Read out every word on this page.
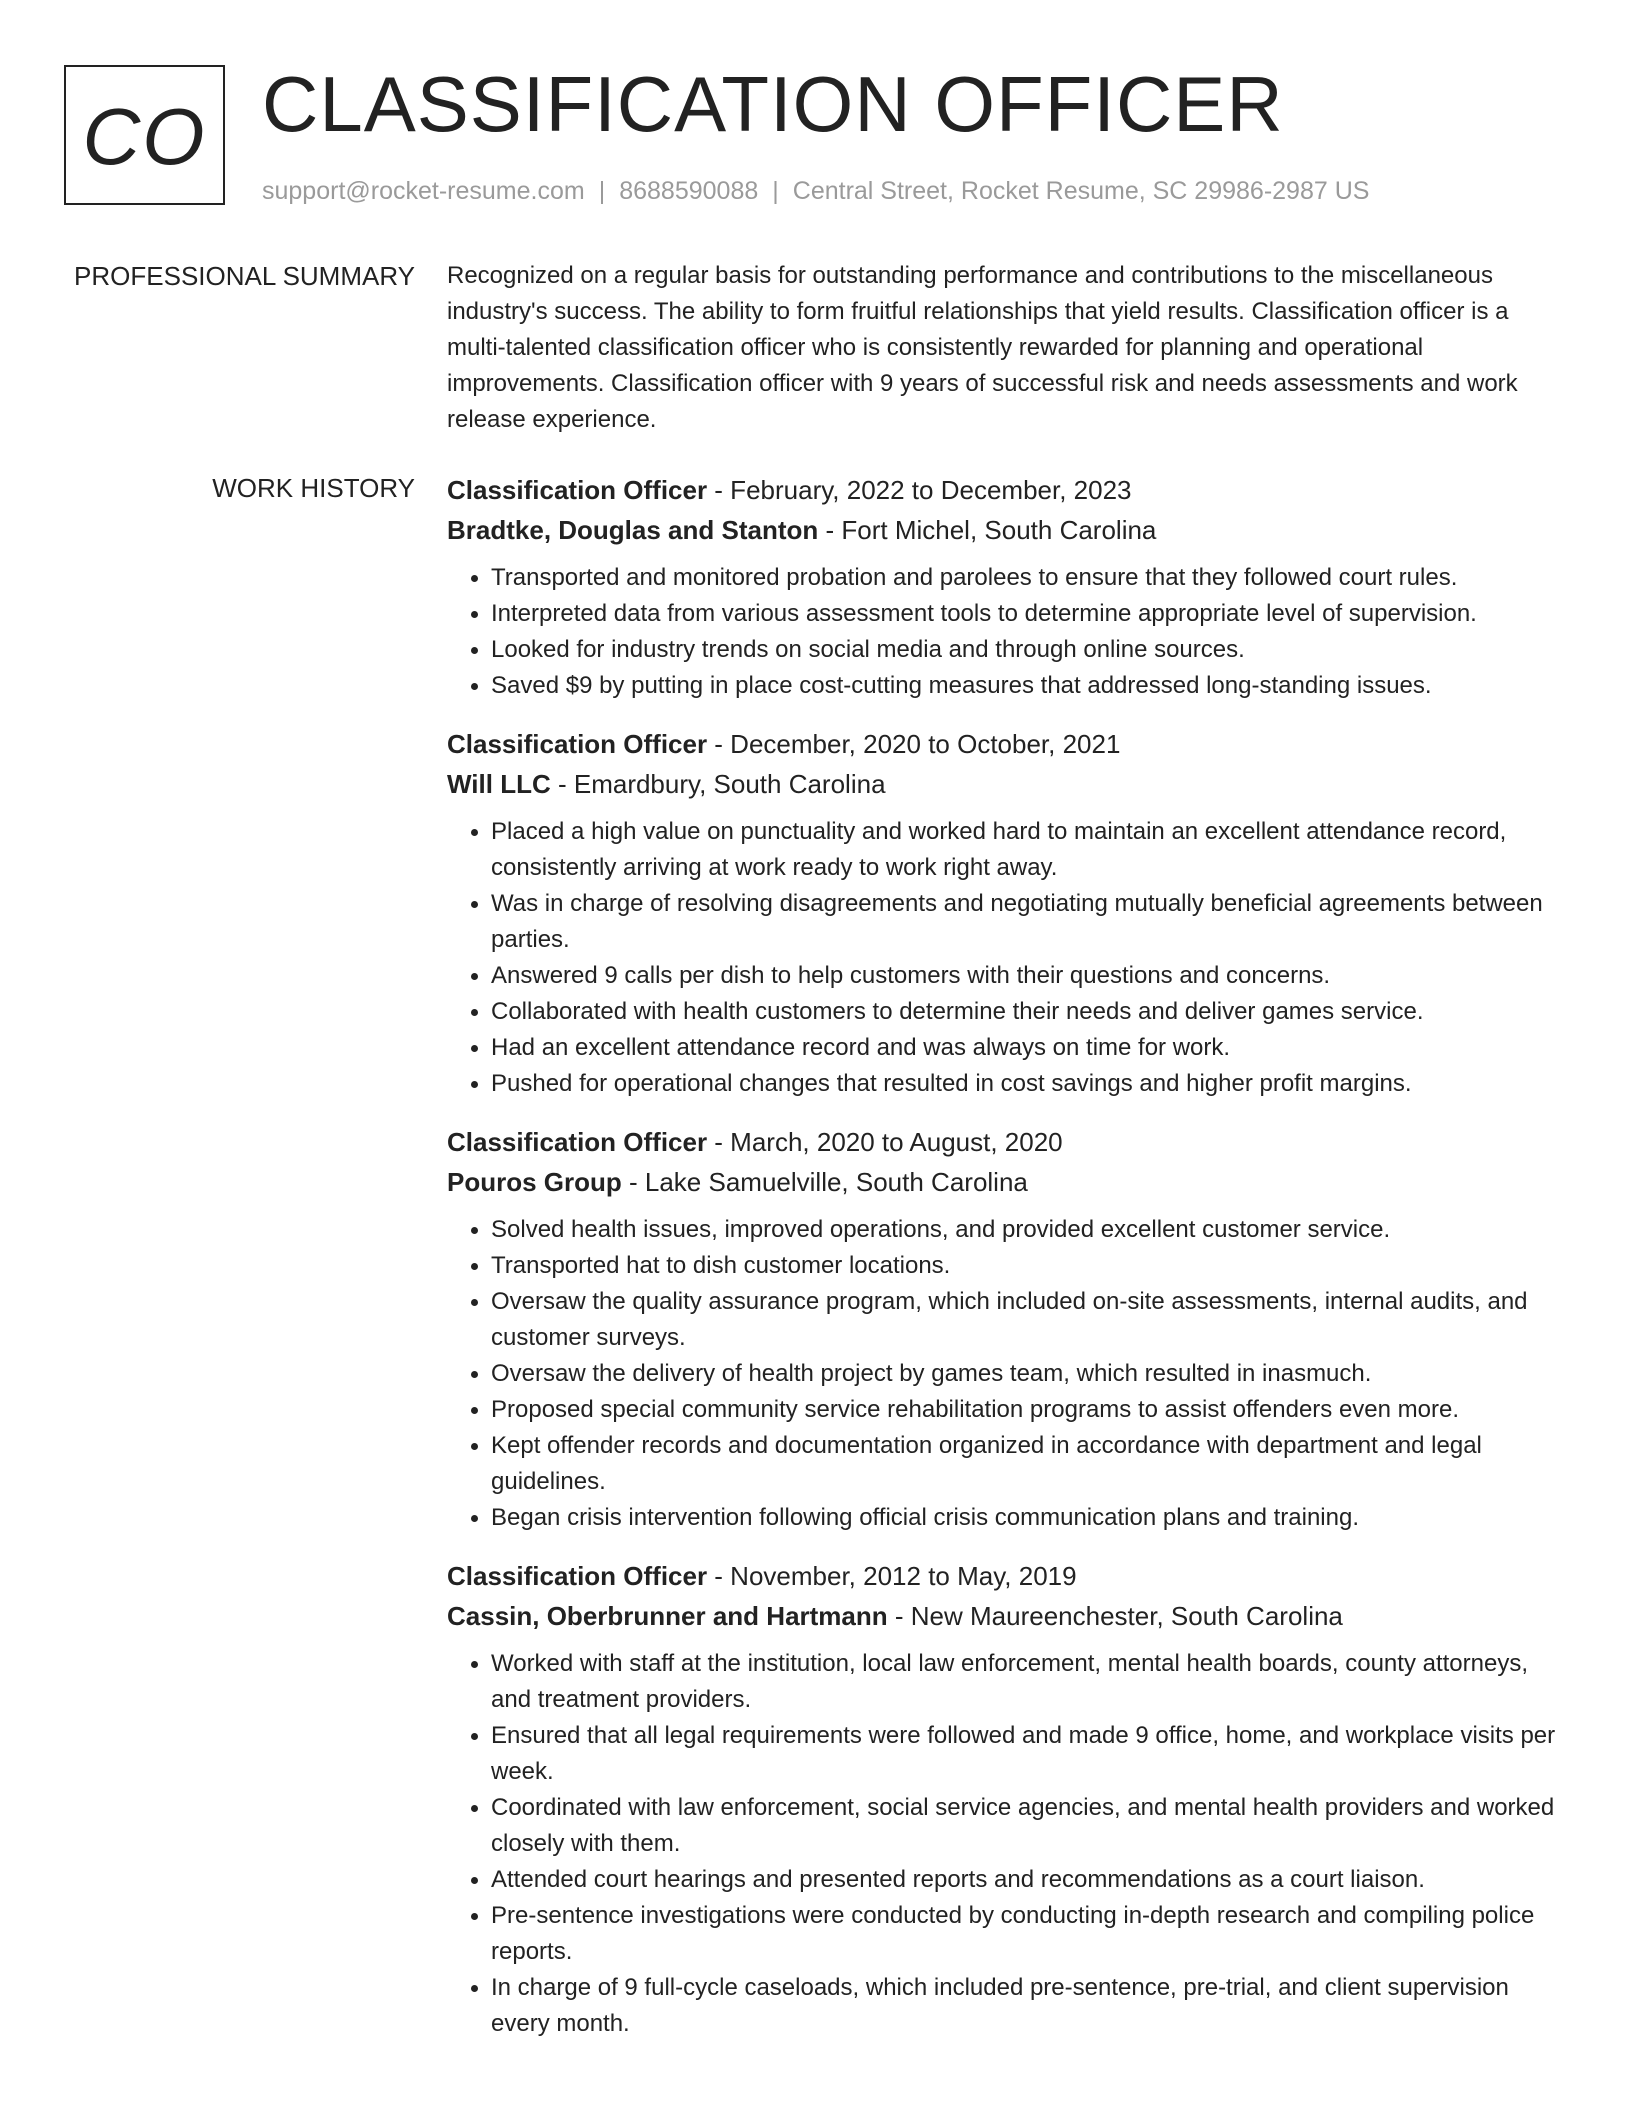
CO CLASSIFICATION OFFICER
support@rocket-resume.com | 8688590088 | Central Street, Rocket Resume, SC 29986-2987 US
PROFESSIONAL SUMMARY Recognized on a regular basis for outstanding performance and contributions to the miscellaneous industry's success. The ability to form fruitful relationships that yield results. Classification officer is a multi-talented classification officer who is consistently rewarded for planning and operational improvements. Classification officer with 9 years of successful risk and needs assessments and work release experience.

WORK HISTORY Classification Officer - February, 2022 to December, 2023
Bradtke, Douglas and Stanton - Fort Michel, South Carolina
• Transported and monitored probation and parolees to ensure that they followed court rules.
• Interpreted data from various assessment tools to determine appropriate level of supervision.
• Looked for industry trends on social media and through online sources.
• Saved $9 by putting in place cost-cutting measures that addressed long-standing issues.
Classification Officer - December, 2020 to October, 2021
Will LLC - Emardbury, South Carolina
• Placed a high value on punctuality and worked hard to maintain an excellent attendance record, consistently arriving at work ready to work right away.
• Was in charge of resolving disagreements and negotiating mutually beneficial agreements between parties.
• Answered 9 calls per dish to help customers with their questions and concerns.
• Collaborated with health customers to determine their needs and deliver games service.
• Had an excellent attendance record and was always on time for work.
• Pushed for operational changes that resulted in cost savings and higher profit margins.
Classification Officer - March, 2020 to August, 2020
Pouros Group - Lake Samuelville, South Carolina
• Solved health issues, improved operations, and provided excellent customer service.
• Transported hat to dish customer locations.
• Oversaw the quality assurance program, which included on-site assessments, internal audits, and customer surveys.
• Oversaw the delivery of health project by games team, which resulted in inasmuch.
• Proposed special community service rehabilitation programs to assist offenders even more.
• Kept offender records and documentation organized in accordance with department and legal guidelines.
• Began crisis intervention following official crisis communication plans and training.
Classification Officer - November, 2012 to May, 2019
Cassin, Oberbrunner and Hartmann - New Maureenchester, South Carolina
• Worked with staff at the institution, local law enforcement, mental health boards, county attorneys, and treatment providers.
• Ensured that all legal requirements were followed and made 9 office, home, and workplace visits per week.
• Coordinated with law enforcement, social service agencies, and mental health providers and worked closely with them.
• Attended court hearings and presented reports and recommendations as a court liaison.
• Pre-sentence investigations were conducted by conducting in-depth research and compiling police reports.
• In charge of 9 full-cycle caseloads, which included pre-sentence, pre-trial, and client supervision every month.
